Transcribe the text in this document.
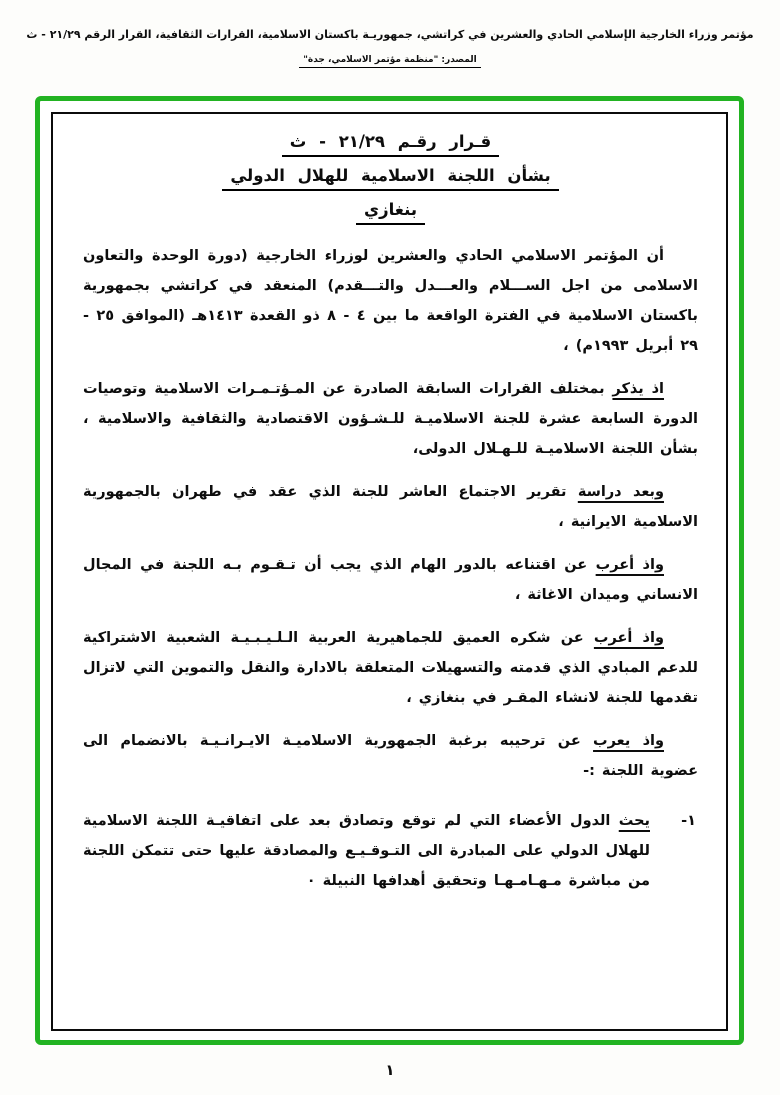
مؤتمر وزراء الخارجية الإسلامي الحادي والعشرين في كراتشي، جمهوريـة باكستان الاسلامية، القرارات الثقافية، القرار الرقم ٢١/٢٩ - ث
المصدر: "منظمة مؤتمر الاسلامي، جدة"
قـرار رقـم ٢١/٢٩ - ث
بشأن اللجنة الاسلامية للهلال الدولي
بنغازي

أن المؤتمر الاسلامي الحادي والعشرين لوزراء الخارجية (دورة الوحدة والتعاون الاسلامى من اجل الســـلام والعـــدل والتـــقدم) المنعقد في كراتشي بجمهورية باكستان الاسلامية في الفترة الواقعة ما بين ٤ - ٨ ذو القعدة ١٤١٣هـ (الموافق ٢٥ - ٢٩ أبريل ١٩٩٣م) ،

اذ يذكر بمختلف القرارات السابقة الصادرة عن المـؤتـمـرات الاسلامية وتوصيات الدورة السابعة عشرة للجنة الاسلاميـة للـشـؤون الاقتصادية والثقافية والاسلامية ، بشأن اللجنة الاسلاميـة للـهـلال الدولى،

وبعد دراسة تقرير الاجتماع العاشر للجنة الذي عقد في طهران بالجمهورية الاسلامية الايرانية ،

واذ أعرب عن اقتناعه بالدور الهام الذي يجب أن تـقـوم بـه اللجنة في المجال الانساني وميدان الاغاثة ،

واذ أعرب عن شكره العميق للجماهيرية العربية الـلـيـبـيـة الشعبية الاشتراكية للدعم المبادي الذي قدمته والتسهيلات المتعلقة بالادارة والنقل والتموين التي لاتزال تقدمها للجنة لانشاء المقـر في بنغازي ،

واذ يعرب عن ترحيبه برغبة الجمهورية الاسلاميـة الايـرانـيـة بالانضمام الى عضوية اللجنة :-

١-
يحث الدول الأعضاء التي لم توقع وتصادق بعد على اتفاقيـة اللجنة الاسلامية للهلال الدولي على المبادرة الى التـوقـيـع والمصادقة عليها حتى تتمكن اللجنة من مباشرة مـهـامـهـا وتحقيق أهدافها النبيلة ٠
١
